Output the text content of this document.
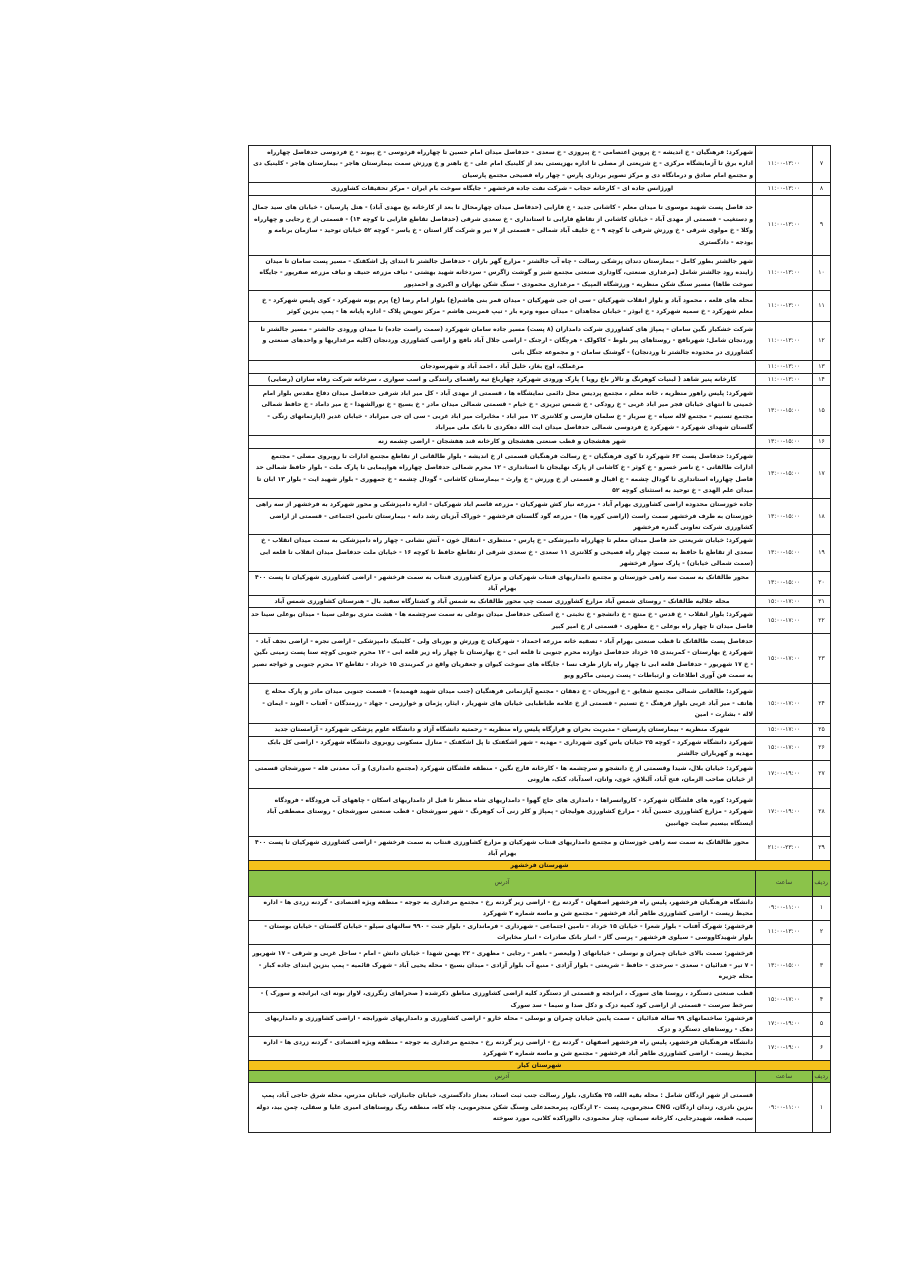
۷	۱۱:۰۰-۱۳:۰۰	شهرکرد: فرهنگیان - خ اندیشه - خ پروین اعتصامی - خ پیروزی - خ سعدی - حدفاصل میدان امام حسین تا چهارراه فردوسی - خ پیوند - خ فردوسی حدفاصل چهارراه اداره برق تا آزمایشگاه مرکزی - خ شریعتی از مصلی تا اداره بهزیستی بعد از کلینیک امام علی - خ باهنر و خ ورزش سمت بیمارستان هاجر - بیمارستان هاجر - کلینیک دی و مجتمع امام صادق و درمانگاه دی و مرکز تصویر برداری پارس - چهار راه فصیحی مجتمع پارسیان
۸	۱۱:۰۰-۱۳:۰۰	اورژانس جاده ای - کارخانه حجاب - شرکت نفت جاده فرخشهر - جایگاه سوخت بام ایران - مرکز تحقیقات کشاورزی
۹	۱۱:۰۰-۱۳:۰۰	حد فاصل پست شهید موسوی تا میدان معلم - کاشانی جدید - خ فارابی (حدفاصل میدان چهارمحال تا بعد از کارخانه یخ مهدی آباد) - هتل پارسیان - خیابان های سید جمال و دستغیب - قسمتی از مهدی آباد - خیابان کاشانی از تقاطع فارابی تا استانداری - خ سعدی شرقی (حدفاصل تقاطع فارابی تا کوچه ۱۴) - قسمتی از خ رجایی و چهارراه وکلا - خ مولوی شرقی - خ ورزش شرقی تا کوچه ۹ - خ خلیف آباد شمالی - قسمتی از ۷ تیر و شرکت گاز استان - خ یاسر - کوچه ۵۲ خیابان توحید - سازمان برنامه و بودجه - دادگستری
۱۰	۱۱:۰۰-۱۳:۰۰	شهر جالشتر بطور کامل - بیمارستان دندان پزشکی رسالت - چاه آب جالشتر - مزارع گهر باران - حدفاصل جالشتر تا ابتدای پل اشکفتک - مسیر پست سامان تا میدان زاینده رود جالشتر شامل (مرغداری صنعتی، گاوداری صنعتی مجتمع شیر و گوشت زاگرس - سردخانه شهید بهشتی - نیاف مزرعه حنیف و نیاف مزرعه صفرپور - جایگاه سوخت طاها) مسیر سنگ شکن منظریه - ورزشگاه المپیک - مرغداری محمودی - سنگ شکن بهاران و اکبری و احمدپور
۱۱	۱۱:۰۰-۱۳:۰۰	محله های قلعه ، محمود آباد و بلوار انقلاب شهرکیان - سی ان جی شهرکیان - میدان قمر بنی هاشم(ع) بلوار امام رضا (ع) پرم پونه شهرکرد - کوی پلیس شهرکرد - خ معلم شهرکرد - خ سمیه شهرکرد - خ ابوذر - خیابان مجاهدان - میدان میوه وتره بار - تیپ قمربنی هاشم - مرکز تعویض پلاک - اداره پایانه ها - پمپ بنزین کوثر
۱۲	۱۱:۰۰-۱۳:۰۰	شرکت خشکبار نگین سامان - پمپاژ های کشاورزی شرکت دامداران (۸ پست) مسیر جاده سامان شهرکرد (سمت راست جاده) تا میدان ورودی جالشتر - مسیر جالشتر تا وردنجان شامل: شهرنافچ - روستاهای پیر بلوط - کاکولک - هرچگان - ارجنک - اراضی جلال آباد نافچ و اراضی کشاورزی وردنجان (کلیه مرغداریها و واحدهای صنعتی و کشاورزی در محدوده جالشتر تا وردنجان) - گوشتک سامان - و مجموعه جنگل بانی
۱۳	۱۱:۰۰-۱۳:۰۰	مرغملک، اوج بغاز، خلیل آباد ، احمد آباد و شهرسودجان
۱۴	۱۱:۰۰-۱۳:۰۰	کارخانه پنیر شاهد ( لبنیات کوهرنگ و تالار باغ رویا ) پارک ورودی شهرکرد چهارباغ تیه راهنمای رانندگی و اسب سواری ، سرخانه شرکت رفاه سازان (رضایی)
۱۵	۱۳:۰۰-۱۵:۰۰	شهرکرد: پلیس راهور منظریه ، خانه معلم ، مجتمع پردیس محل دائمی نمایشگاه ها ، قسمتی از مهدی آباد - کل میر اباد شرقی حدفاصل میدان دفاع مقدس بلوار امام خمینی تا انتهای خیابان فجر میر اباد غربی - خ رودکی - خ شمس تبریزی - خ خیام - قسمتی شمالی میدان مادر - خ بسیج - خ نورالشهدا - خ میر داماد - خ حافظ شمالی مجتمع تسنیم - مجتمع لاله سیاه - خ سرباز - خ سلمان فارسی و کلانتری ۱۲ میر اباد - مخابرات میر اباد غربی - سی ان جی میراباد - خیابان غدیر (اپارتمانهای زنگی - گلستان شهدای شهرکرد - شهرکرد خ فردوسی شمالی حدفاصل میدان ایت الله دهکردی تا بانک ملی میراباد
۱۶	۱۳:۰۰-۱۵:۰۰	شهر هفشجان و قطب صنعتی هفشجان و کارخانه قند هفشجان - اراضی چشمه زنه
۱۷	۱۳:۰۰-۱۵:۰۰	شهرکرد: حدفاصل پست ۶۳ شهرکرد تا کوی فرهنگیان - خ رسالت فرهنگیان قسمتی از خ اندیشه - بلوار طالقانی از تقاطع مجتمع ادارات تا روبروی مصلی - مجتمع ادارات طالقانی - خ ناصر خسرو - خ کوثر - خ کاشانی از پارک نهلیجان تا استانداری - ۱۲ محرم شمالی حدفاصل چهارراه هواپیمایی تا پارک ملت - بلوار حافظ شمالی حد فاصل چهارراه استانداری تا گودال چشمه - خ اقبال و قسمتی از خ ورزش - خ وارث - بیمارستان کاشانی - گودال چشمه - خ جمهوری - بلوار شهید ایت - بلوار ۱۳ ابان تا میدان علم الهدی - خ توحید به استثنای کوچه ۵۲
۱۸	۱۳:۰۰-۱۵:۰۰	جاده خوزستان محدوده اراضی کشاورزی بهرام آباد - مزرعه نیاز کش شهرکیان - مزرعه قاسم اباد شهرکیان - اداره دامپزشکی و محور شهرکرد به فرخشهر از سه راهی خوزستان به طرف فرخشهر سمت راست (اراضی کوره ها) - مزرعه گود گلستان فرخشهر - خوراک آبزیان رشد دانه - بیمارستان تامین اجتماعی - قسمتی از اراضی کشاورزی شرکت تعاونی گندره فرخشهر
۱۹	۱۳:۰۰-۱۵:۰۰	شهرکرد: خیابان شریعتی حد فاصل میدان معلم تا چهارراه دامپزشکی - خ پارس - منتظری - انتقال خون - آتش نشانی - چهار راه دامپزشکی به سمت میدان انقلاب - خ سعدی از تقاطع با حافظ به سمت چهار راه فصیحی و کلانتری ۱۱ سعدی - خ سعدی شرقی از تقاطع حافظ تا کوچه ۱۶ - خیابان ملت حدفاصل میدان انقلاب تا قلعه ابی (سمت شمالی خیابان) - پارک سوار فرخشهر
۲۰	۱۳:۰۰-۱۵:۰۰	محور طالقانک به سمت سه راهی خوزستان و مجتمع دامداریهای قنتاب شهرکیان و مزارع کشاورزی قنتاب به سمت فرخشهر - اراضی کشاورزی شهرکیان تا پست ۴۰۰ بهرام آباد
۲۱	۱۵:۰۰-۱۷:۰۰	محله جلالیه طالقانک - روستای شمس آباد مزارع کشاورزی سمت چپ محور طالقانک به شمس آباد و کشتارگاه سفید بال - هنرستان کشاورزی شمس آباد
۲۲	۱۵:۰۰-۱۷:۰۰	شهرکرد: بلوار انقلاب - خ قدس - خ منتج - خ دانشجو - خ نخبتی - خ استکی حدفاصل میدان بوعلی به سمت سرچشمه ها - هشت متری بوعلی سینا - میدان بوعلی سینا حد فاصل میدان تا چهار راه بوعلی - خ مطهری - قسمتی از خ امیر کبیر
۲۳	۱۵:۰۰-۱۷:۰۰	حدفاصل پست طالقانک تا قطب صنعتی بهرام آباد - تصفیه خانه مزرعه احمداد - شهرکیان خ ورزش و بوربای ولی - کلینیک دامپزشکی - اراضی نجره - اراضی نجف آباد - شهرکرد خ بهارستان - کمربندی ۱۵ خرداد حدفاصل دوازده محرم جنوبی تا قلعه ابی - خ بهارستان تا چهار راه زیر قلعه ابی - ۱۲ محرم جنوبی کوچه سنا پست زمینی نگین - خ ۱۷ شهریور - حدفاصل قلعه ابی تا چهار راه بازار طرف نسا - جایگاه های سوخت کیوان و جعفریان واقع در کمربندی ۱۵ خرداد - تقاطع ۱۲ محرم جنوبی و خواجه نصیر به سمت فن آوری اطلاعات و ارتباطات - پست زمینی ماکرو ویو
۲۴	۱۵:۰۰-۱۷:۰۰	شهرکرد: طالقانی شمالی مجتمع شقایق - خ ابوریحان - خ دهقان - مجتمع آپارتمانی فرهنگیان (جنب میدان شهید فهمیده) - قسمت جنوبی میدان مادر و پارک محله خ هاتف - میر آباد غربی بلوار فرهنگ - خ تسنیم - قسمتی از خ علامه طباطبایی خیابان های شهریار ، ایثار، پژمان و خوارزمی - جهاد - رزمندگان - آفتاب - الوند - ایمان - لاله - بشارت - امین
۲۵	۱۵:۰۰-۱۷:۰۰	شهرک منظریه - بیمارستان پارسیان - مدیریت بحران و قرارگاه پلیس راه منظریه - رحمتیه دانشگاه آزاد و دانشگاه علوم پزشکی شهرکرد - آرامستان جدید
۲۶	۱۵:۰۰-۱۷:۰۰	شهرکرد دانشگاه شهرکرد - کوچه ۲۵ خیابان یاس کوی شهرداری - مهدیه - شهر اشکفتک تا پل اشکفتک - منازل مسکونی روبروی دانشگاه شهرکرد - اراضی کل بابک مهدیه و کهرباران جالشتر
۲۷	۱۷:۰۰-۱۹:۰۰	شهرکرد: خیابان بلال، شیدا وقسمتی از خ دانشجو و سرچشمه ها - کارخانه فارج نگین - منطقه فلشگان شهرکرد (مجتمع دامداری) و آب معدنی قله - سورشجان قسمتی از خیابان صاحب الزمان، فتح آباد، آلبلاق، خوی، وانان، اسدآباد، کنک، هارونی
۲۸	۱۷:۰۰-۱۹:۰۰	شهرکرد: کوره های فلشگان شهرکرد - کاروانسراها - دامداری های حاج گهوا - دامداریهای شاه منظر تا قبل از دامداریهای اسکان - چاههای آب فرودگاه - فرودگاه شهرکرد - مزارع کشاورزی حسین آباد - مزارع کشاورزی هولیجان - پمپاژ و کلر زنی آب کوهرنگ - شهر سورشجان - قطب صنعتی سورشجان - روستای مصطفی آباد ایستگاه بیسیم سایت جهانبین
۲۹	۲۱:۰۰-۲۳:۰۰	محور طالقانک به سمت سه راهی خوزستان و مجتمع دامداریهای قنتاب شهرکیان و مزارع کشاورزی قنتاب به سمت فرخشهر - اراضی کشاورزی شهرکیان تا پست ۴۰۰ بهرام آباد
شهرستان فرخشهر		
ردیف	ساعت	آدرس
۱	۰۹:۰۰-۱۱:۰۰	دانشگاه فرهنگیان فرخشهر، پلیس راه فرخشهر اصفهان - گردنه رخ - اراضی زیر گردنه رخ - مجتمع مرغداری به جوجه - منطقه ویژه اقتصادی - گردنه زردی ها - اداره محیط زیست - اراضی کشاورزی طاهر آباد فرخشهر - مجتمع شن و ماسه شماره ۲ شهرکرد
۲	۱۱:۰۰-۱۳:۰۰	فرخشهر: شهرک آفتاب - بلوار شعرا - خیابان ۱۵ خرداد - تامین اجتماعی - شهرداری - فرمانداری - بلوار جنت - ۹۹۰ سالنهای سیلو - خیابان گلستان - خیابان بوستان - بلوار شهیدکاووسی - سیلوی فرخشهر - پرسی گاز - انبار بانک صادرات - انبار مخابرات
۳	۱۳:۰۰-۱۵:۰۰	فرخشهر: سمت بالای خیابان چمران و نوسلی - خیابانهای ( ولیعصر - باهنر - رجایی - مطهری - ۲۲ بهمن شهدا - خیابان دانش - امام - ساحل غربی و شرقی - ۱۷ شهریور - ۷ تیر - فدائیان - سعدی - سرحدی - حافظ - شریعتی - بلوار آزادی - منبع آب بلوار آزادی - میدان بسیج - محله یحیی آباد - شهرک قائمیه - پمپ بنزین ابتدای جاده کبار - محله جزیره
۴	۱۵:۰۰-۱۷:۰۰	قطب صنعتی دستگرد ، روستا های سورک ، ابرانجه و قسمتی از دستگرد کلیه اراضی کشاورزی مناطق ذکرشده ( صحراهای زنگرزی، لاواز بونه ای، ابرانجه و سورک ) - سرخط سرست - قسمتی از اراضی کود کمپه دزک و دکل صدا و سیما - سد سورک
۵	۱۷:۰۰-۱۹:۰۰	فرخشهر: ساختمانهای ۹۹ ساله فدائیان - سمت پایین خیابان چمران و نوسلی - محله خارو - اراضی کشاورزی و دامداریهای شورابجه - اراضی کشاورزی و دامداریهای دهک - روستاهای دستگرد و دزک
۶	۱۷:۰۰-۱۹:۰۰	دانشگاه فرهنگیان فرخشهر، پلیس راه فرخشهر اصفهان - گردنه رخ - اراضی زیر گردنه رخ - مجتمع مرغداری به جوجه - منطقه ویژه اقتصادی - گردنه زردی ها - اداره محیط زیست - اراضی کشاورزی طاهر آباد فرخشهر - مجتمع شن و ماسه شماره ۲ شهرکرد
شهرستان کیار		
ردیف	ساعت	آدرس
۱	۰۹:۰۰-۱۱:۰۰	قسمتی از شهر اردگان شامل : محله بقیه الله، ۲۵ هکتاری، بلوار رسالت جنب ثبت اسناد، بعداز دادگستری، خیابان جانبازان، خیابان مدرس، محله شرق حاجی آباد، پمپ بنزین نادری، زندان اردگان، CNG منجرمویی، پست ۲۰ اردگان، پیرمحمدعلی وسنگ شکن منجرمویی، چاه کاه، منطقه ریگ روستاهای امیری علیا و سفلی، چمن بید، دوله سیب، قطعه، شهیدرجایی، کارخانه سیمان، چنار محمودی، دالوراکده کلانی، مورد سوخته
